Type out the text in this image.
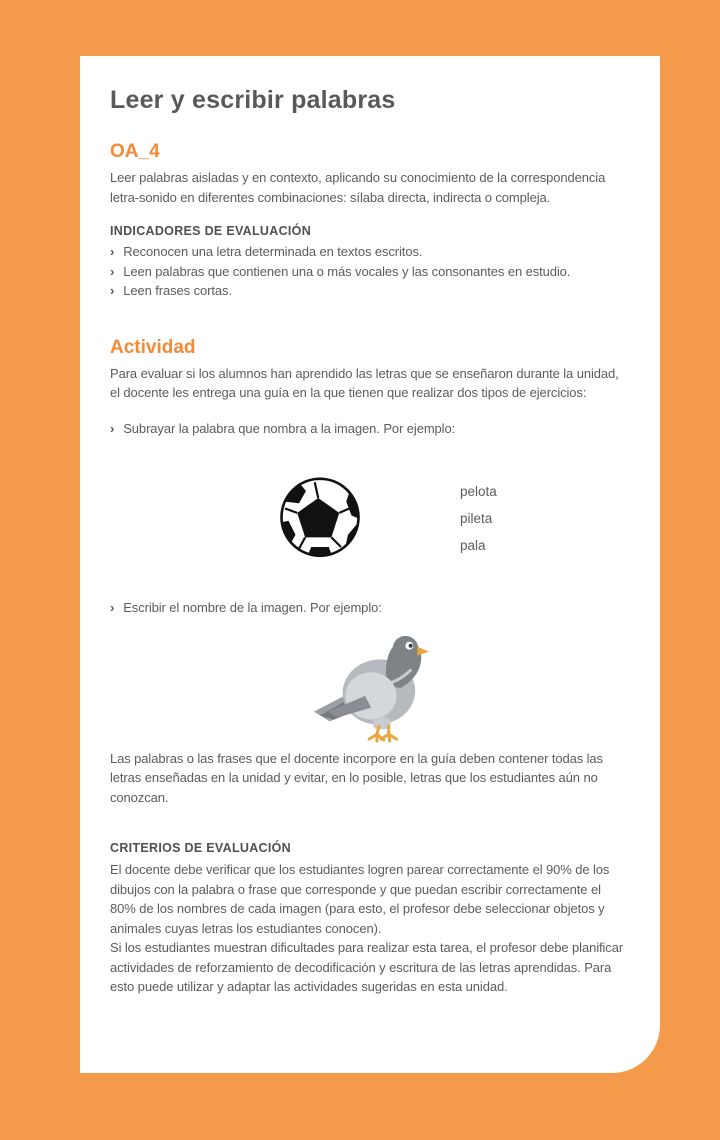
Leer y escribir palabras
OA_4

Leer palabras aisladas y en contexto, aplicando su conocimiento de la correspondencia letra-sonido en diferentes combinaciones: sílaba directa, indirecta o compleja.

INDICADORES DE EVALUACIÓN
› Reconocen una letra determinada en textos escritos.
› Leen palabras que contienen una o más vocales y las consonantes en estudio.
› Leen frases cortas.
Actividad

Para evaluar si los alumnos han aprendido las letras que se enseñaron durante la unidad, el docente les entrega una guía en la que tienen que realizar dos tipos de ejercicios:

› Subrayar la palabra que nombra a la imagen. Por ejemplo:
pelota
pileta
pala
› Escribir el nombre de la imagen. Por ejemplo:

Las palabras o las frases que el docente incorpore en la guía deben contener todas las letras enseñadas en la unidad y evitar, en lo posible, letras que los estudiantes aún no conozcan.

CRITERIOS DE EVALUACIÓN

El docente debe verificar que los estudiantes logren parear correctamente el 90% de los dibujos con la palabra o frase que corresponde y que puedan escribir correctamente el 80% de los nombres de cada imagen (para esto, el profesor debe seleccionar objetos y animales cuyas letras los estudiantes conocen).

Si los estudiantes muestran dificultades para realizar esta tarea, el profesor debe planificar actividades de reforzamiento de decodificación y escritura de las letras aprendidas. Para esto puede utilizar y adaptar las actividades sugeridas en esta unidad.
